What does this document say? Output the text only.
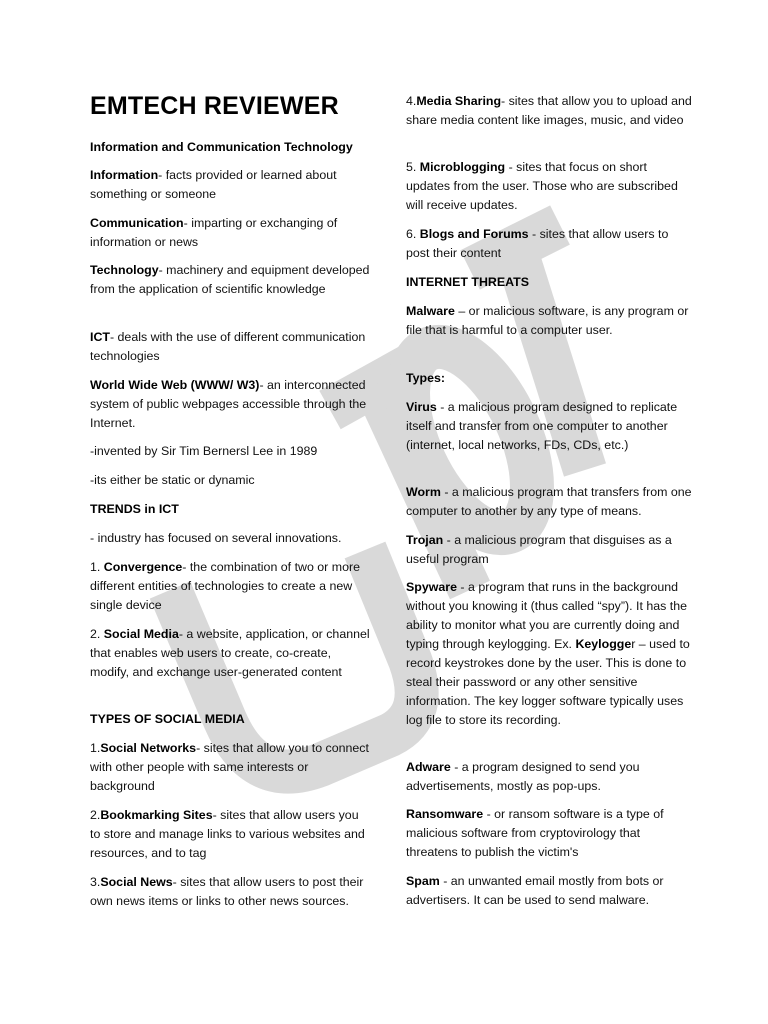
EMTECH REVIEWER

Information and Communication Technology

Information- facts provided or learned about something or someone

Communication- imparting or exchanging of information or news

Technology- machinery and equipment developed from the application of scientific knowledge

ICT- deals with the use of different communication technologies

World Wide Web (WWW/ W3)- an interconnected system of public webpages accessible through the Internet.

-invented by Sir Tim Bernersl Lee in 1989

-its either be static or dynamic

TRENDS in ICT

- industry has focused on several innovations.

1. Convergence- the combination of two or more different entities of technologies to create a new single device

2. Social Media- a website, application, or channel that enables web users to create, co-create, modify, and exchange user-generated content

TYPES OF SOCIAL MEDIA

1.Social Networks- sites that allow you to connect with other people with same interests or background

2.Bookmarking Sites- sites that allow users you to store and manage links to various websites and resources, and to tag

3.Social News- sites that allow users to post their own news items or links to other news sources.

4.Media Sharing- sites that allow you to upload and share media content like images, music, and video

5. Microblogging - sites that focus on short updates from the user. Those who are subscribed will receive updates.

6. Blogs and Forums - sites that allow users to post their content

INTERNET THREATS

Malware – or malicious software, is any program or file that is harmful to a computer user.

Types:

Virus - a malicious program designed to replicate itself and transfer from one computer to another (internet, local networks, FDs, CDs, etc.)

Worm - a malicious program that transfers from one computer to another by any type of means.

Trojan - a malicious program that disguises as a useful program

Spyware - a program that runs in the background without you knowing it (thus called “spy”). It has the ability to monitor what you are currently doing and typing through keylogging. Ex. Keylogger – used to record keystrokes done by the user. This is done to steal their password or any other sensitive information. The key logger software typically uses log file to store its recording.

Adware - a program designed to send you advertisements, mostly as pop-ups.

Ransomware - or ransom software is a type of malicious software from cryptovirology that threatens to publish the victim's

Spam - an unwanted email mostly from bots or advertisers. It can be used to send malware.
